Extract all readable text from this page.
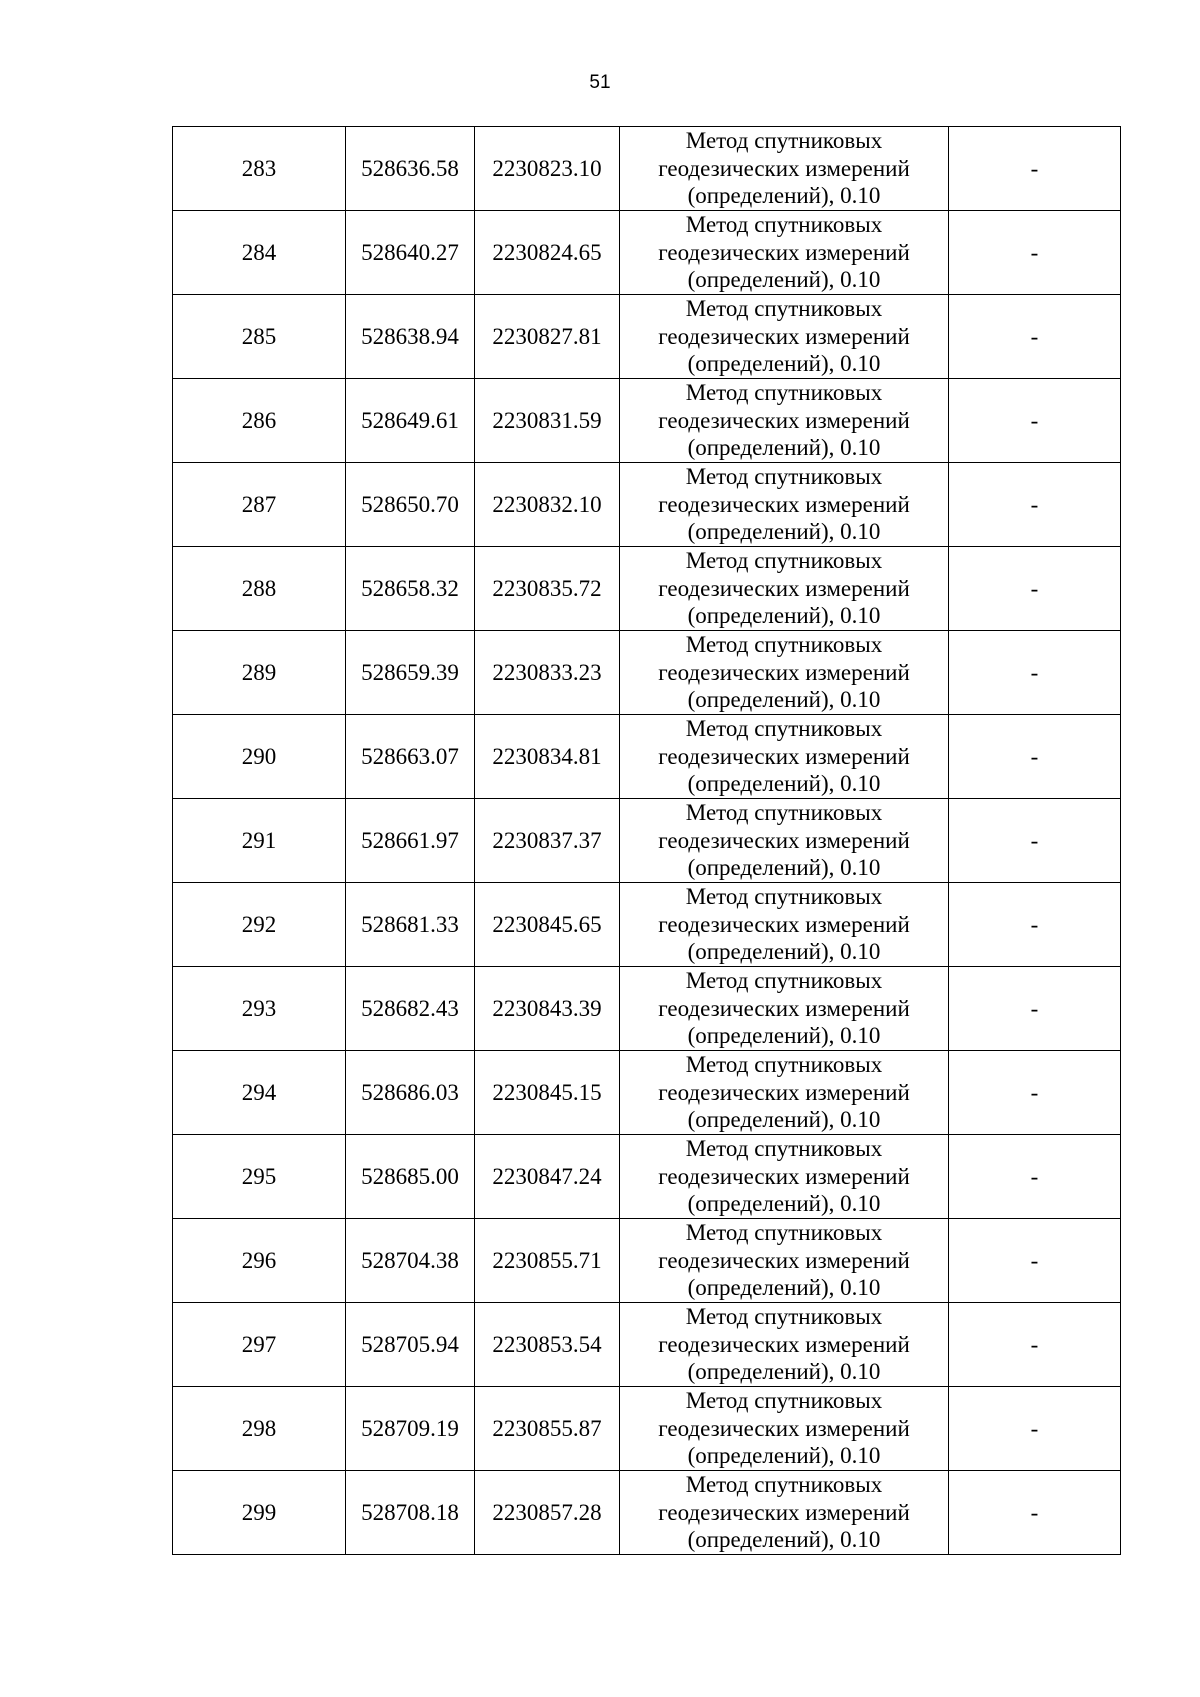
51
283	528636.58	2230823.10	Метод спутниковых
геодезических измерений
(определений), 0.10	-
284	528640.27	2230824.65	Метод спутниковых
геодезических измерений
(определений), 0.10	-
285	528638.94	2230827.81	Метод спутниковых
геодезических измерений
(определений), 0.10	-
286	528649.61	2230831.59	Метод спутниковых
геодезических измерений
(определений), 0.10	-
287	528650.70	2230832.10	Метод спутниковых
геодезических измерений
(определений), 0.10	-
288	528658.32	2230835.72	Метод спутниковых
геодезических измерений
(определений), 0.10	-
289	528659.39	2230833.23	Метод спутниковых
геодезических измерений
(определений), 0.10	-
290	528663.07	2230834.81	Метод спутниковых
геодезических измерений
(определений), 0.10	-
291	528661.97	2230837.37	Метод спутниковых
геодезических измерений
(определений), 0.10	-
292	528681.33	2230845.65	Метод спутниковых
геодезических измерений
(определений), 0.10	-
293	528682.43	2230843.39	Метод спутниковых
геодезических измерений
(определений), 0.10	-
294	528686.03	2230845.15	Метод спутниковых
геодезических измерений
(определений), 0.10	-
295	528685.00	2230847.24	Метод спутниковых
геодезических измерений
(определений), 0.10	-
296	528704.38	2230855.71	Метод спутниковых
геодезических измерений
(определений), 0.10	-
297	528705.94	2230853.54	Метод спутниковых
геодезических измерений
(определений), 0.10	-
298	528709.19	2230855.87	Метод спутниковых
геодезических измерений
(определений), 0.10	-
299	528708.18	2230857.28	Метод спутниковых
геодезических измерений
(определений), 0.10	-
